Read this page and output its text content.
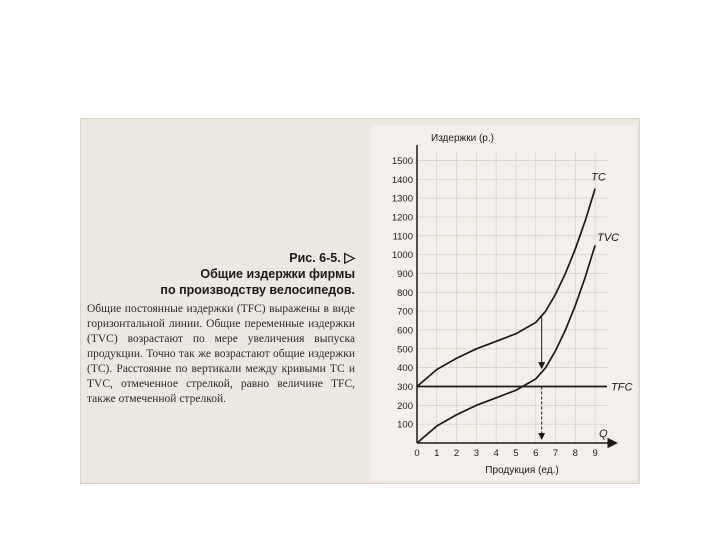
Рис. 6-5. ▷
Общие издержки фирмы
по производству велосипедов.
Общие постоянные издержки (TFC) выражены в виде горизонтальной линии. Общие переменные издержки (TVC) возрастают по мере увеличения выпуска продукции. Точно так же возрастают общие издержки (TC). Расстояние по вертикали между кривыми TC и TVC, отмеченное стрелкой, равно величине TFC, также отмеченной стрелкой.
100
200
300
400
500
600
700
800
900
1000
1100
1200
1300
1400
1500
0 1 2 3 4 5 6 7 8 9
TC
TVC
TFC
Издержки (р.)
Продукция (ед.)
Q
